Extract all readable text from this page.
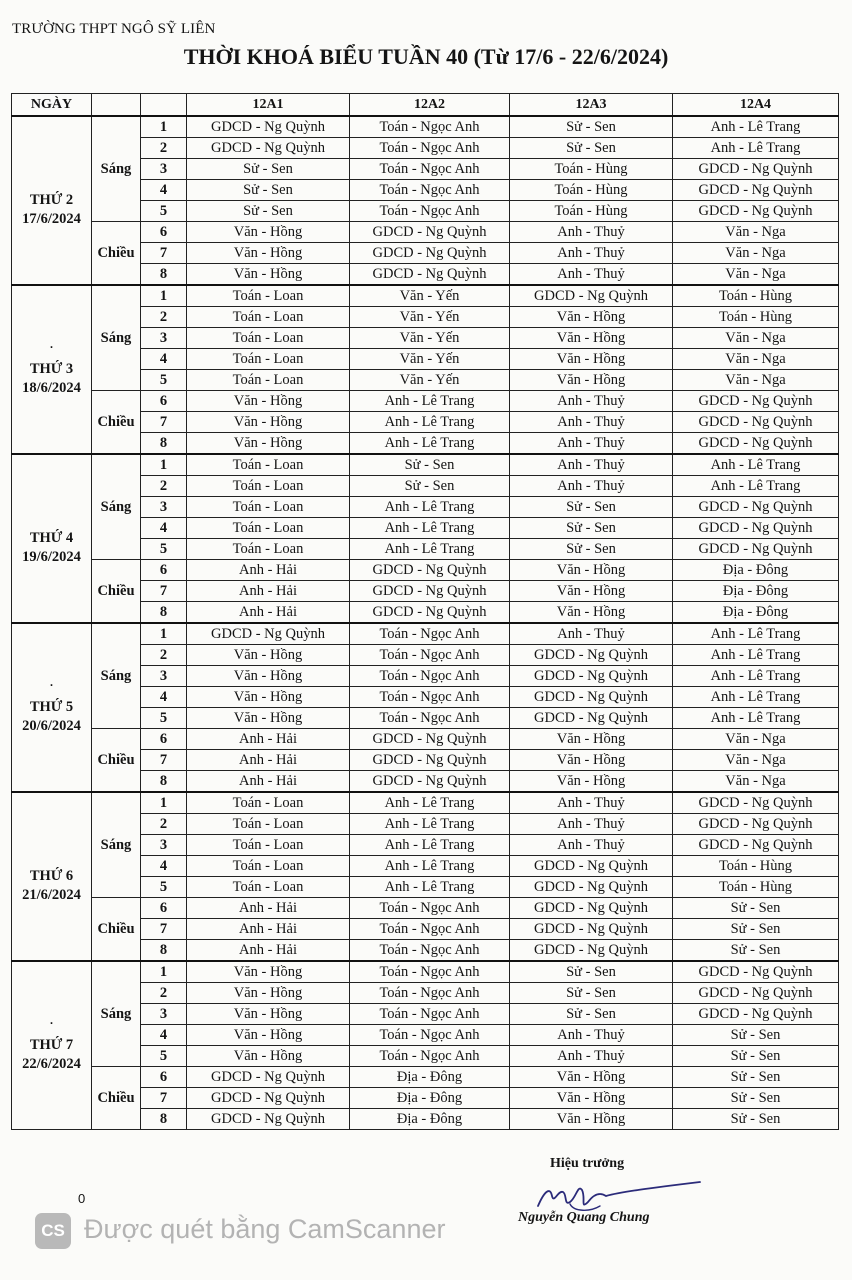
TRƯỜNG THPT NGÔ SỸ LIÊN
THỜI KHOÁ BIỂU TUẦN 40 (Từ 17/6 - 22/6/2024)
NGÀY			12A1	12A2	12A3	12A4

THỨ 2
17/6/2024	Sáng	1	GDCD - Ng Quỳnh	Toán - Ngọc Anh	Sử - Sen	Anh - Lê Trang
		2	GDCD - Ng Quỳnh	Toán - Ngọc Anh	Sử - Sen	Anh - Lê Trang
		3	Sử - Sen	Toán - Ngọc Anh	Toán - Hùng	GDCD - Ng Quỳnh
		4	Sử - Sen	Toán - Ngọc Anh	Toán - Hùng	GDCD - Ng Quỳnh
		5	Sử - Sen	Toán - Ngọc Anh	Toán - Hùng	GDCD - Ng Quỳnh
	Chiều	6	Văn - Hồng	GDCD - Ng Quỳnh	Anh - Thuỷ	Văn - Nga
		7	Văn - Hồng	GDCD - Ng Quỳnh	Anh - Thuỷ	Văn - Nga
		8	Văn - Hồng	GDCD - Ng Quỳnh	Anh - Thuỷ	Văn - Nga

·
THỨ 3
18/6/2024	Sáng	1	Toán - Loan	Văn - Yến	GDCD - Ng Quỳnh	Toán - Hùng
		2	Toán - Loan	Văn - Yến	Văn - Hồng	Toán - Hùng
		3	Toán - Loan	Văn - Yến	Văn - Hồng	Văn - Nga
		4	Toán - Loan	Văn - Yến	Văn - Hồng	Văn - Nga
		5	Toán - Loan	Văn - Yến	Văn - Hồng	Văn - Nga
	Chiều	6	Văn - Hồng	Anh - Lê Trang	Anh - Thuỷ	GDCD - Ng Quỳnh
		7	Văn - Hồng	Anh - Lê Trang	Anh - Thuỷ	GDCD - Ng Quỳnh
		8	Văn - Hồng	Anh - Lê Trang	Anh - Thuỷ	GDCD - Ng Quỳnh

THỨ 4
19/6/2024	Sáng	1	Toán - Loan	Sử - Sen	Anh - Thuỷ	Anh - Lê Trang
		2	Toán - Loan	Sử - Sen	Anh - Thuỷ	Anh - Lê Trang
		3	Toán - Loan	Anh - Lê Trang	Sử - Sen	GDCD - Ng Quỳnh
		4	Toán - Loan	Anh - Lê Trang	Sử - Sen	GDCD - Ng Quỳnh
		5	Toán - Loan	Anh - Lê Trang	Sử - Sen	GDCD - Ng Quỳnh
	Chiều	6	Anh - Hải	GDCD - Ng Quỳnh	Văn - Hồng	Địa - Đông
		7	Anh - Hải	GDCD - Ng Quỳnh	Văn - Hồng	Địa - Đông
		8	Anh - Hải	GDCD - Ng Quỳnh	Văn - Hồng	Địa - Đông

·
THỨ 5
20/6/2024	Sáng	1	GDCD - Ng Quỳnh	Toán - Ngọc Anh	Anh - Thuỷ	Anh - Lê Trang
		2	Văn - Hồng	Toán - Ngọc Anh	GDCD - Ng Quỳnh	Anh - Lê Trang
		3	Văn - Hồng	Toán - Ngọc Anh	GDCD - Ng Quỳnh	Anh - Lê Trang
		4	Văn - Hồng	Toán - Ngọc Anh	GDCD - Ng Quỳnh	Anh - Lê Trang
		5	Văn - Hồng	Toán - Ngọc Anh	GDCD - Ng Quỳnh	Anh - Lê Trang
	Chiều	6	Anh - Hải	GDCD - Ng Quỳnh	Văn - Hồng	Văn - Nga
		7	Anh - Hải	GDCD - Ng Quỳnh	Văn - Hồng	Văn - Nga
		8	Anh - Hải	GDCD - Ng Quỳnh	Văn - Hồng	Văn - Nga

THỨ 6
21/6/2024	Sáng	1	Toán - Loan	Anh - Lê Trang	Anh - Thuỷ	GDCD - Ng Quỳnh
		2	Toán - Loan	Anh - Lê Trang	Anh - Thuỷ	GDCD - Ng Quỳnh
		3	Toán - Loan	Anh - Lê Trang	Anh - Thuỷ	GDCD - Ng Quỳnh
		4	Toán - Loan	Anh - Lê Trang	GDCD - Ng Quỳnh	Toán - Hùng
		5	Toán - Loan	Anh - Lê Trang	GDCD - Ng Quỳnh	Toán - Hùng
	Chiều	6	Anh - Hải	Toán - Ngọc Anh	GDCD - Ng Quỳnh	Sử - Sen
		7	Anh - Hải	Toán - Ngọc Anh	GDCD - Ng Quỳnh	Sử - Sen
		8	Anh - Hải	Toán - Ngọc Anh	GDCD - Ng Quỳnh	Sử - Sen

·
THỨ 7
22/6/2024	Sáng	1	Văn - Hồng	Toán - Ngọc Anh	Sử - Sen	GDCD - Ng Quỳnh
		2	Văn - Hồng	Toán - Ngọc Anh	Sử - Sen	GDCD - Ng Quỳnh
		3	Văn - Hồng	Toán - Ngọc Anh	Sử - Sen	GDCD - Ng Quỳnh
		4	Văn - Hồng	Toán - Ngọc Anh	Anh - Thuỷ	Sử - Sen
		5	Văn - Hồng	Toán - Ngọc Anh	Anh - Thuỷ	Sử - Sen
	Chiều	6	GDCD - Ng Quỳnh	Địa - Đông	Văn - Hồng	Sử - Sen
		7	GDCD - Ng Quỳnh	Địa - Đông	Văn - Hồng	Sử - Sen
		8	GDCD - Ng Quỳnh	Địa - Đông	Văn - Hồng	Sử - Sen
0
Hiệu trưởng
Nguyễn Quang Chung
CS Được quét bằng CamScanner
